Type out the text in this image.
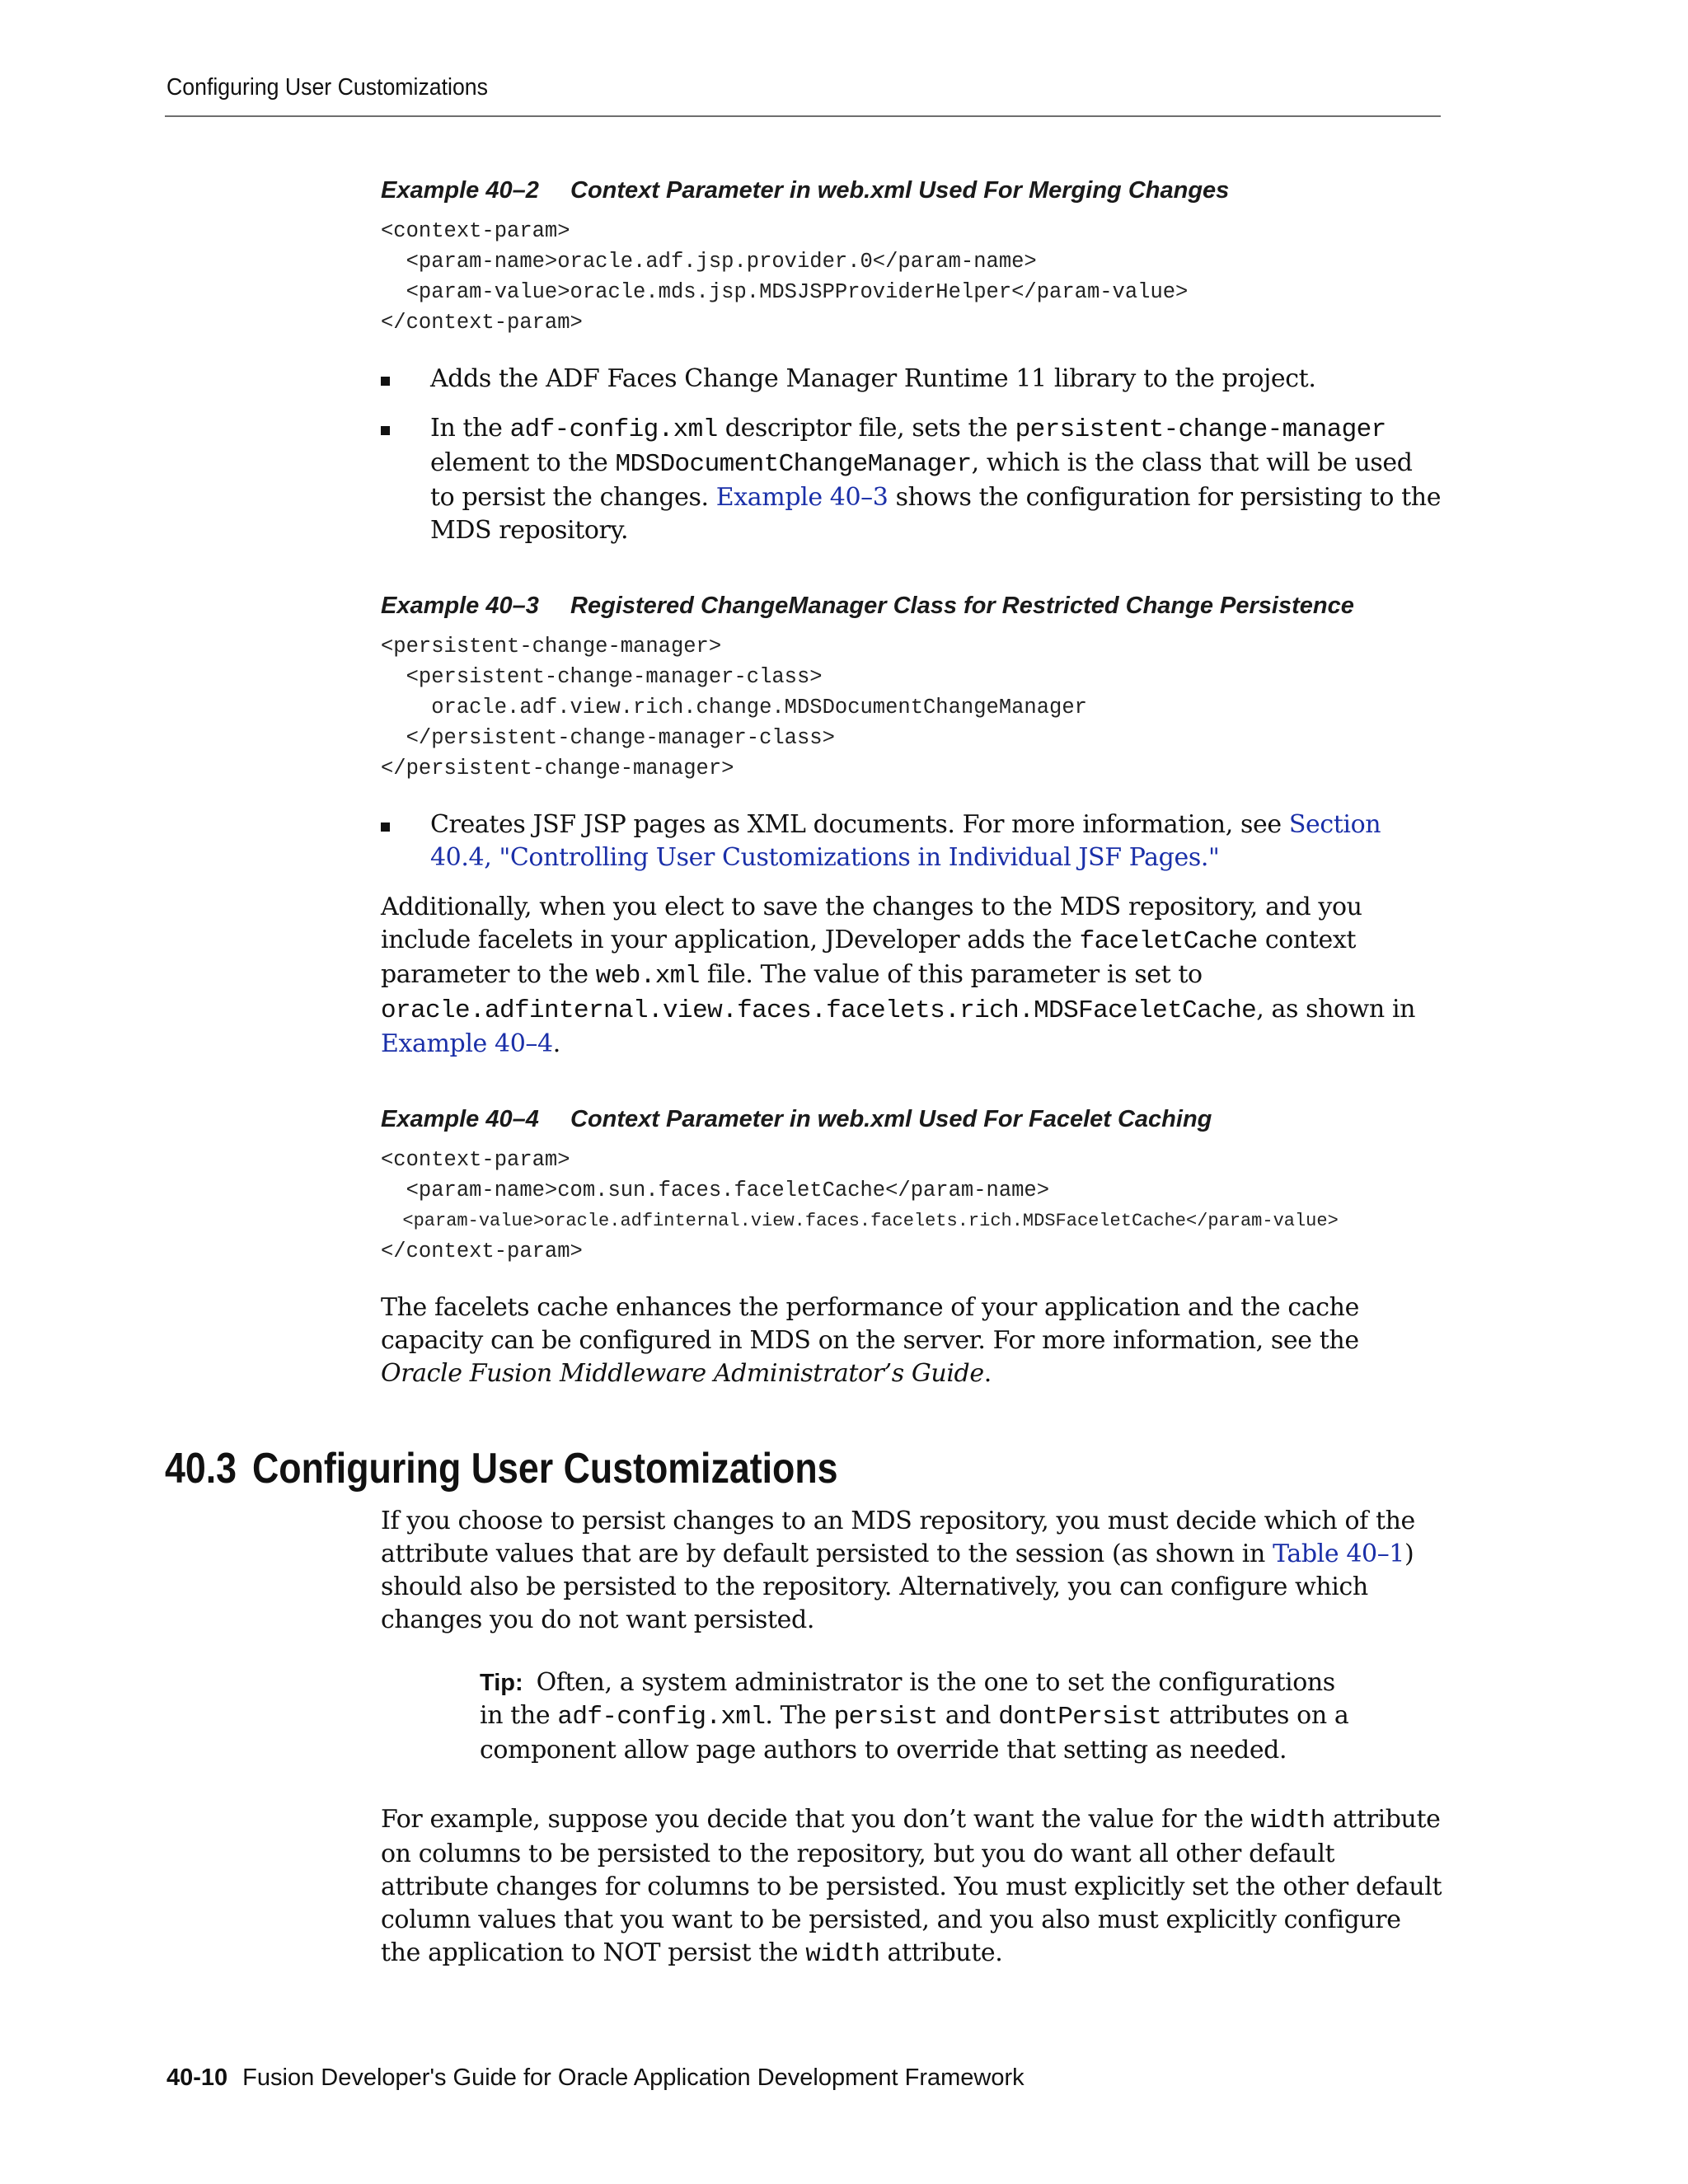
Configuring User Customizations
Example 40–2 Context Parameter in web.xml Used For Merging Changes
<context-param>
<param-name>oracle.adf.jsp.provider.0</param-name>
<param-value>oracle.mds.jsp.MDSJSPProviderHelper</param-value>
</context-param>
Adds the ADF Faces Change Manager Runtime 11 library to the project.
In the adf-config.xml descriptor file, sets the persistent-change-manager element to the MDSDocumentChangeManager, which is the class that will be used to persist the changes. Example 40–3 shows the configuration for persisting to the MDS repository.
Example 40–3 Registered ChangeManager Class for Restricted Change Persistence
<persistent-change-manager>
<persistent-change-manager-class>
oracle.adf.view.rich.change.MDSDocumentChangeManager
</persistent-change-manager-class>
</persistent-change-manager>
Creates JSF JSP pages as XML documents. For more information, see Section 40.4, "Controlling User Customizations in Individual JSF Pages."

Additionally, when you elect to save the changes to the MDS repository, and you include facelets in your application, JDeveloper adds the faceletCache context parameter to the web.xml file. The value of this parameter is set to oracle.adfinternal.view.faces.facelets.rich.MDSFaceletCache, as shown in Example 40–4.

Example 40–4 Context Parameter in web.xml Used For Facelet Caching
<context-param>
<param-name>com.sun.faces.faceletCache</param-name>
<param-value>oracle.adfinternal.view.faces.facelets.rich.MDSFaceletCache</param-value>
</context-param>

The facelets cache enhances the performance of your application and the cache capacity can be configured in MDS on the server. For more information, see the Oracle Fusion Middleware Administrator’s Guide.

40.3 Configuring User Customizations

If you choose to persist changes to an MDS repository, you must decide which of the attribute values that are by default persisted to the session (as shown in Table 40–1) should also be persisted to the repository. Alternatively, you can configure which changes you do not want persisted.

Tip: Often, a system administrator is the one to set the configurations in the adf-config.xml. The persist and dontPersist attributes on a component allow page authors to override that setting as needed.

For example, suppose you decide that you don’t want the value for the width attribute on columns to be persisted to the repository, but you do want all other default attribute changes for columns to be persisted. You must explicitly set the other default column values that you want to be persisted, and you also must explicitly configure the application to NOT persist the width attribute.

40-10 Fusion Developer's Guide for Oracle Application Development Framework
